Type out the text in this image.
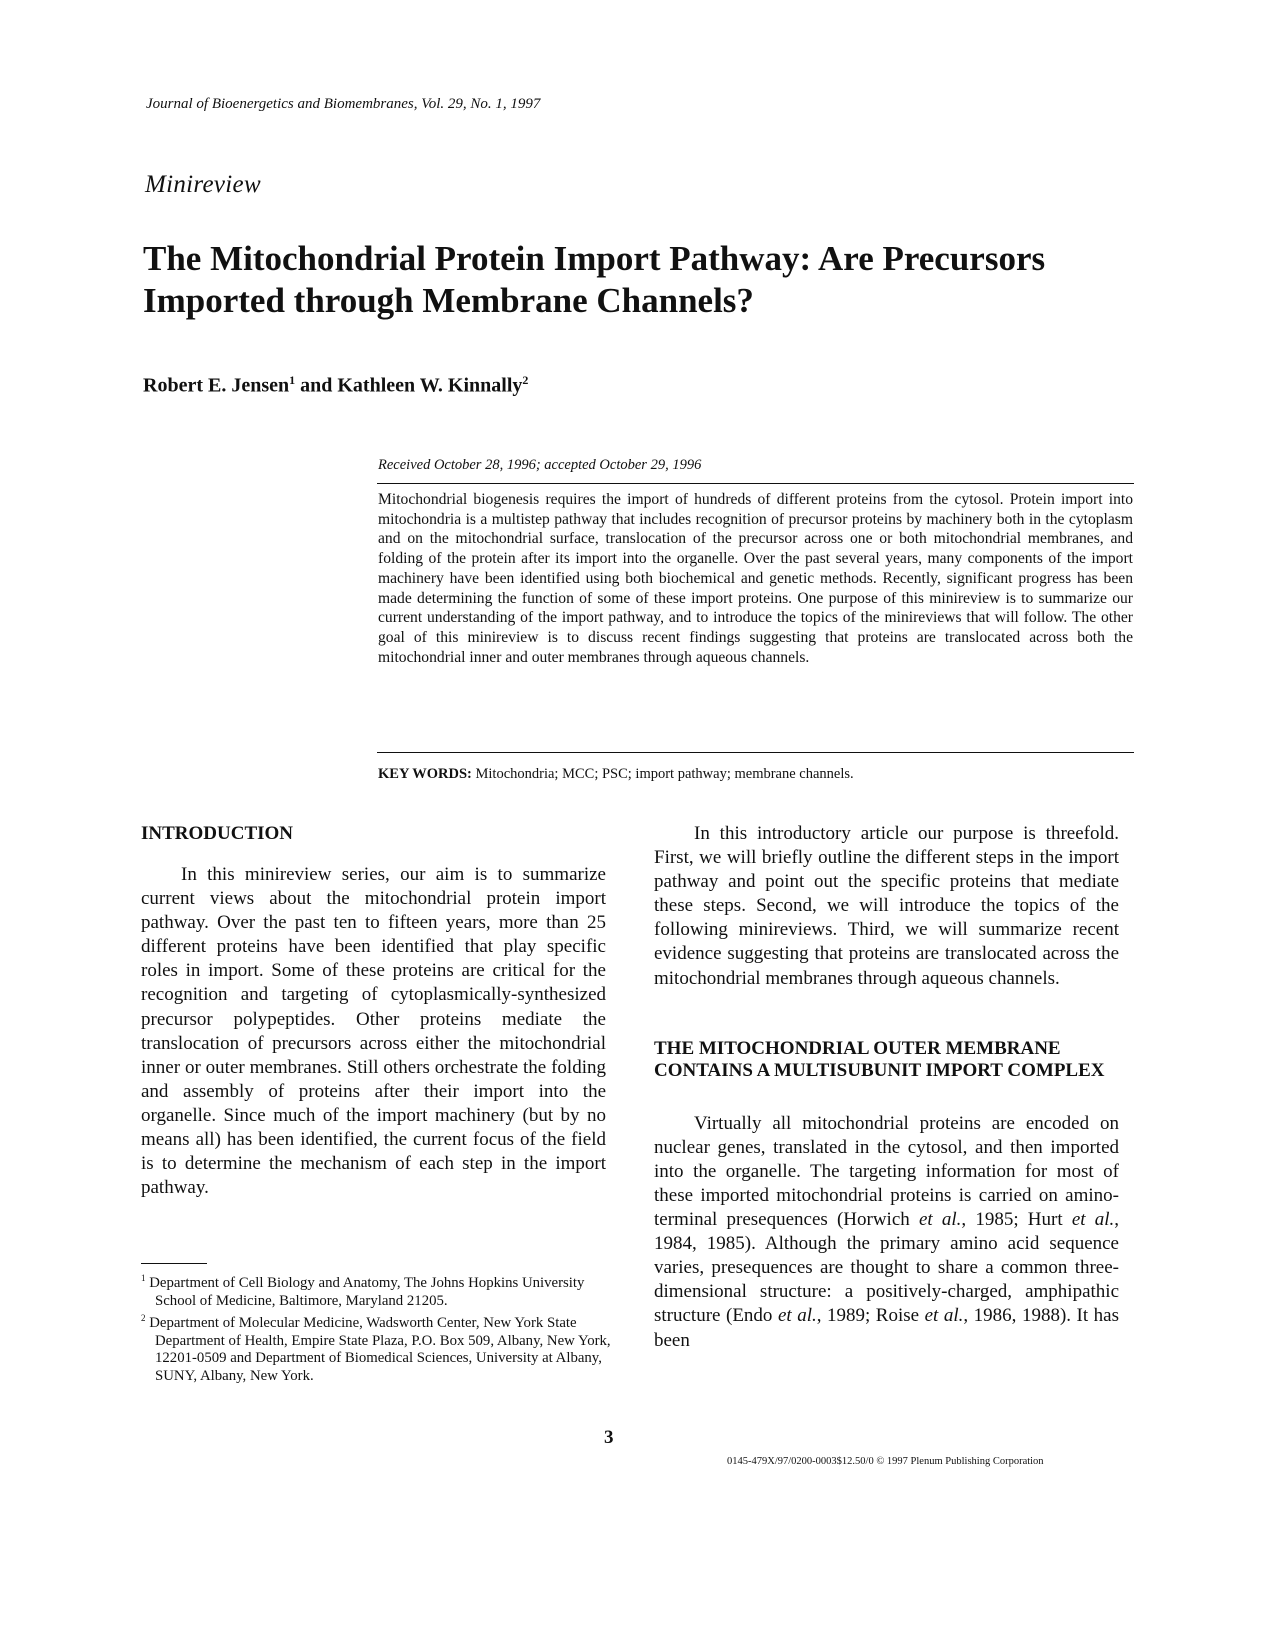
Journal of Bioenergetics and Biomembranes, Vol. 29, No. 1, 1997
Minireview
The Mitochondrial Protein Import Pathway: Are Precursors Imported through Membrane Channels?
Robert E. Jensen$^1$ and Kathleen W. Kinnally$^2$
Received October 28, 1996; accepted October 29, 1996
Mitochondrial biogenesis requires the import of hundreds of different proteins from the cytosol. Protein import into mitochondria is a multistep pathway that includes recognition of precursor proteins by machinery both in the cytoplasm and on the mitochondrial surface, translocation of the precursor across one or both mitochondrial membranes, and folding of the protein after its import into the organelle. Over the past several years, many components of the import machinery have been identified using both biochemical and genetic methods. Recently, significant progress has been made determining the function of some of these import proteins. One purpose of this minireview is to summarize our current understanding of the import pathway, and to introduce the topics of the minireviews that will follow. The other goal of this minireview is to discuss recent findings suggesting that proteins are translocated across both the mitochondrial inner and outer membranes through aqueous channels.
KEY WORDS: Mitochondria; MCC; PSC; import pathway; membrane channels.
INTRODUCTION

In this minireview series, our aim is to summarize current views about the mitochondrial protein import pathway. Over the past ten to fifteen years, more than 25 different proteins have been identified that play specific roles in import. Some of these proteins are critical for the recognition and targeting of cytoplasmically-synthesized precursor polypeptides. Other proteins mediate the translocation of precursors across either the mitochondrial inner or outer membranes. Still others orchestrate the folding and assembly of proteins after their import into the organelle. Since much of the import machinery (but by no means all) has been identified, the current focus of the field is to determine the mechanism of each step in the import pathway.

In this introductory article our purpose is threefold. First, we will briefly outline the different steps in the import pathway and point out the specific proteins that mediate these steps. Second, we will introduce the topics of the following minireviews. Third, we will summarize recent evidence suggesting that proteins are translocated across the mitochondrial membranes through aqueous channels.

THE MITOCHONDRIAL OUTER MEMBRANE CONTAINS A MULTISUBUNIT IMPORT COMPLEX

Virtually all mitochondrial proteins are encoded on nuclear genes, translated in the cytosol, and then imported into the organelle. The targeting information for most of these imported mitochondrial proteins is carried on amino-terminal presequences (Horwich et al., 1985; Hurt et al., 1984, 1985). Although the primary amino acid sequence varies, presequences are thought to share a common three-dimensional structure: a positively-charged, amphipathic structure (Endo et al., 1989; Roise et al., 1986, 1988). It has been

$^1$ Department of Cell Biology and Anatomy, The Johns Hopkins University School of Medicine, Baltimore, Maryland 21205.

$^2$ Department of Molecular Medicine, Wadsworth Center, New York State Department of Health, Empire State Plaza, P.O. Box 509, Albany, New York, 12201-0509 and Department of Biomedical Sciences, University at Albany, SUNY, Albany, New York.

3
0145-479X/97/0200-0003$12.50/0 © 1997 Plenum Publishing Corporation
